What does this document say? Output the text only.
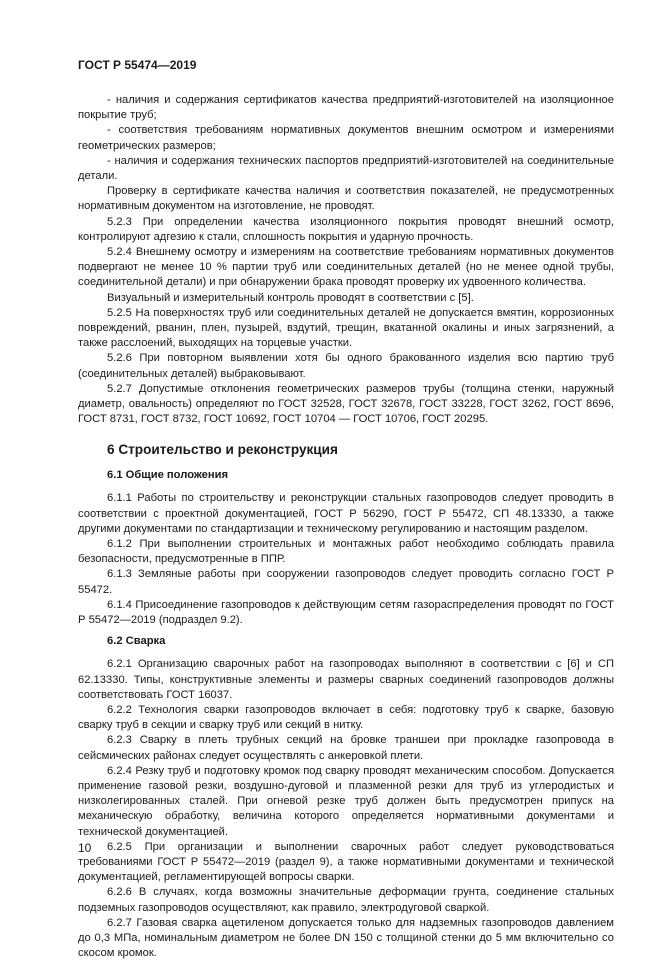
ГОСТ Р 55474—2019

- наличия и содержания сертификатов качества предприятий-изготовителей на изоляционное покрытие труб;

- соответствия требованиям нормативных документов внешним осмотром и измерениями геометрических размеров;

- наличия и содержания технических паспортов предприятий-изготовителей на соединительные детали.

Проверку в сертификате качества наличия и соответствия показателей, не предусмотренных нормативным документом на изготовление, не проводят.

5.2.3 При определении качества изоляционного покрытия проводят внешний осмотр, контролируют адгезию к стали, сплошность покрытия и ударную прочность.

5.2.4 Внешнему осмотру и измерениям на соответствие требованиям нормативных документов подвергают не менее 10 % партии труб или соединительных деталей (но не менее одной трубы, соединительной детали) и при обнаружении брака проводят проверку их удвоенного количества.

Визуальный и измерительный контроль проводят в соответствии с [5].

5.2.5 На поверхностях труб или соединительных деталей не допускается вмятин, коррозионных повреждений, рванин, плен, пузырей, вздутий, трещин, вкатанной окалины и иных загрязнений, а также расслоений, выходящих на торцевые участки.

5.2.6 При повторном выявлении хотя бы одного бракованного изделия всю партию труб (соединительных деталей) выбраковывают.

5.2.7 Допустимые отклонения геометрических размеров трубы (толщина стенки, наружный диаметр, овальность) определяют по ГОСТ 32528, ГОСТ 32678, ГОСТ 33228, ГОСТ 3262, ГОСТ 8696, ГОСТ 8731, ГОСТ 8732, ГОСТ 10692, ГОСТ 10704 — ГОСТ 10706, ГОСТ 20295.

6 Строительство и реконструкция
6.1 Общие положения

6.1.1 Работы по строительству и реконструкции стальных газопроводов следует проводить в соответствии с проектной документацией, ГОСТ Р 56290, ГОСТ Р 55472, СП 48.13330, а также другими документами по стандартизации и техническому регулированию и настоящим разделом.

6.1.2 При выполнении строительных и монтажных работ необходимо соблюдать правила безопасности, предусмотренные в ППР.

6.1.3 Земляные работы при сооружении газопроводов следует проводить согласно ГОСТ Р 55472.

6.1.4 Присоединение газопроводов к действующим сетям газораспределения проводят по ГОСТ Р 55472—2019 (подраздел 9.2).

6.2 Сварка

6.2.1 Организацию сварочных работ на газопроводах выполняют в соответствии с [6] и СП 62.13330. Типы, конструктивные элементы и размеры сварных соединений газопроводов должны соответствовать ГОСТ 16037.

6.2.2 Технология сварки газопроводов включает в себя: подготовку труб к сварке, базовую сварку труб в секции и сварку труб или секций в нитку.

6.2.3 Сварку в плеть трубных секций на бровке траншеи при прокладке газопровода в сейсмических районах следует осуществлять с анкеровкой плети.

6.2.4 Резку труб и подготовку кромок под сварку проводят механическим способом. Допускается применение газовой резки, воздушно-дуговой и плазменной резки для труб из углеродистых и низколегированных сталей. При огневой резке труб должен быть предусмотрен припуск на механическую обработку, величина которого определяется нормативными документами и технической документацией.

6.2.5 При организации и выполнении сварочных работ следует руководствоваться требованиями ГОСТ Р 55472—2019 (раздел 9), а также нормативными документами и технической документацией, регламентирующей вопросы сварки.

6.2.6 В случаях, когда возможны значительные деформации грунта, соединение стальных подземных газопроводов осуществляют, как правило, электродуговой сваркой.

6.2.7 Газовая сварка ацетиленом допускается только для надземных газопроводов давлением до 0,3 МПа, номинальным диаметром не более DN 150 с толщиной стенки до 5 мм включительно со скосом кромок.

10
